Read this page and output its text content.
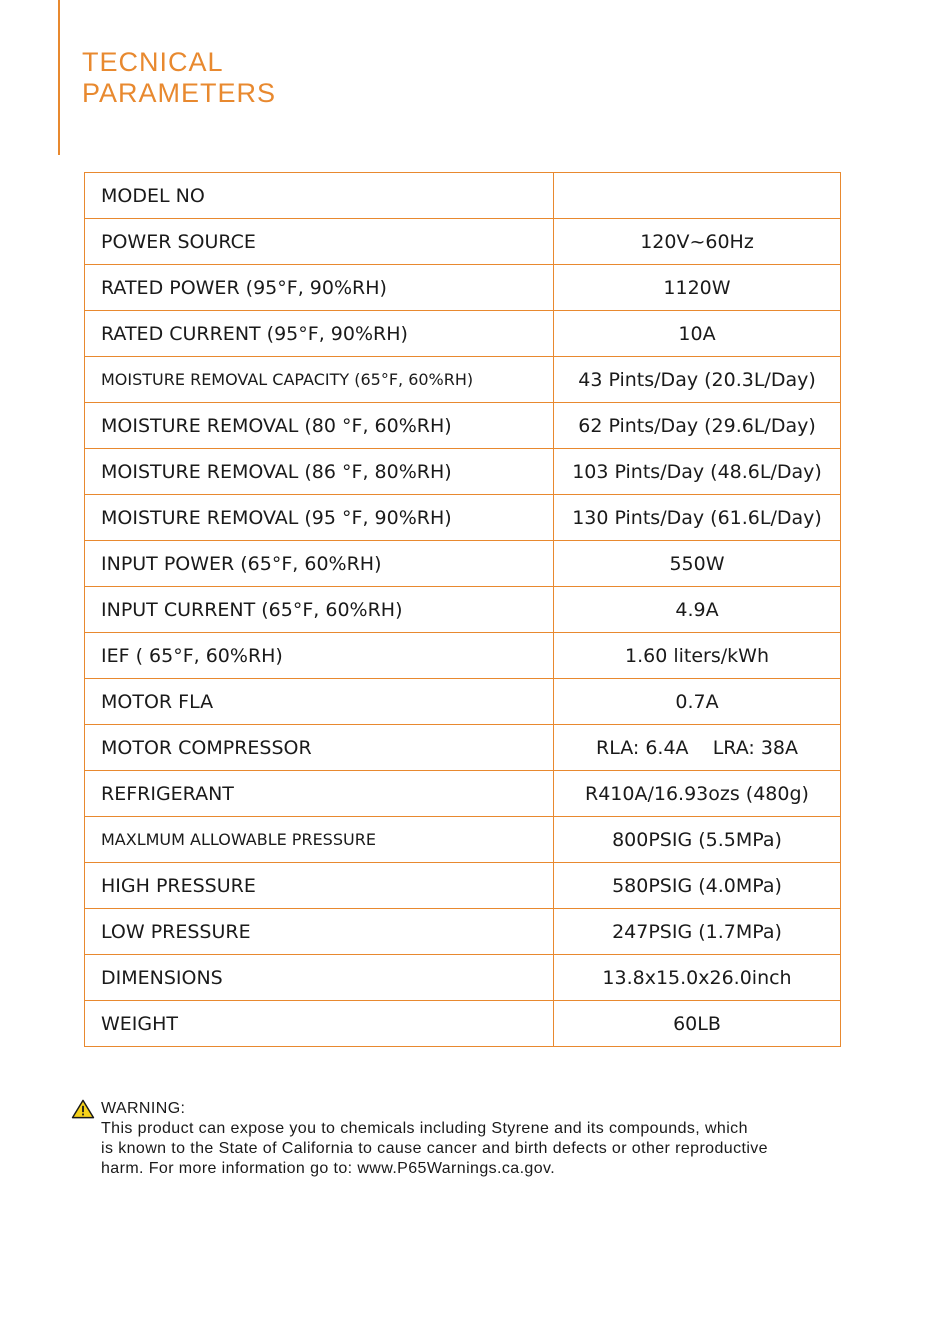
TECNICAL
PARAMETERS
MODEL NO	
POWER SOURCE	120V~60Hz
RATED POWER (95°F, 90%RH)	1120W
RATED CURRENT (95°F, 90%RH)	10A
MOISTURE REMOVAL CAPACITY (65°F, 60%RH)	43 Pints/Day (20.3L/Day)
MOISTURE REMOVAL (80 °F, 60%RH)	62 Pints/Day (29.6L/Day)
MOISTURE REMOVAL (86 °F, 80%RH)	103 Pints/Day (48.6L/Day)
MOISTURE REMOVAL (95 °F, 90%RH)	130 Pints/Day (61.6L/Day)
INPUT POWER (65°F, 60%RH)	550W
INPUT CURRENT (65°F, 60%RH)	4.9A
IEF ( 65°F, 60%RH)	1.60 liters/kWh
MOTOR FLA	0.7A
MOTOR COMPRESSOR	RLA: 6.4A    LRA: 38A
REFRIGERANT	R410A/16.93ozs (480g)
MAXLMUM ALLOWABLE PRESSURE	800PSIG (5.5MPa)
HIGH PRESSURE	580PSIG (4.0MPa)
LOW PRESSURE	247PSIG (1.7MPa)
DIMENSIONS	13.8x15.0x26.0inch
WEIGHT	60LB
WARNING:
This product can expose you to chemicals including Styrene and its compounds, which
is known to the State of California to cause cancer and birth defects or other reproductive
harm. For more information go to: www.P65Warnings.ca.gov.
